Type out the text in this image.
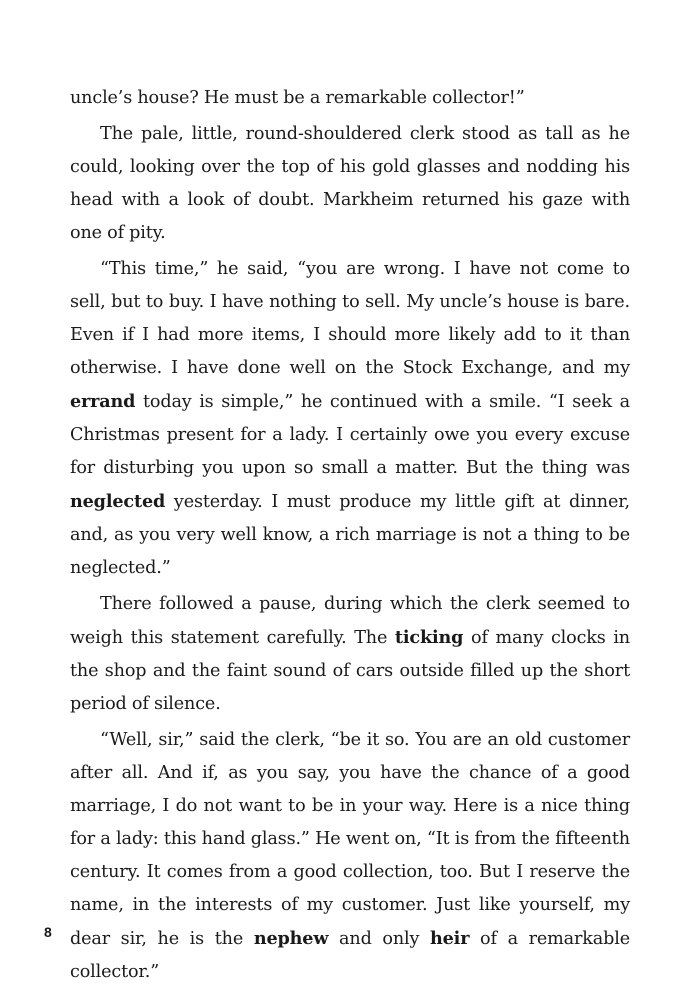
uncle’s house? He must be a remarkable collector!”

The pale, little, round-shouldered clerk stood as tall as he could, looking over the top of his gold glasses and nodding his head with a look of doubt. Markheim returned his gaze with one of pity.

“This time,” he said, “you are wrong. I have not come to sell, but to buy. I have nothing to sell. My uncle’s house is bare. Even if I had more items, I should more likely add to it than otherwise. I have done well on the Stock Exchange, and my errand today is simple,” he continued with a smile. “I seek a Christmas present for a lady. I certainly owe you every excuse for disturbing you upon so small a matter. But the thing was neglected yesterday. I must produce my little gift at dinner, and, as you very well know, a rich marriage is not a thing to be neglected.”

There followed a pause, during which the clerk seemed to weigh this statement carefully. The ticking of many clocks in the shop and the faint sound of cars outside filled up the short period of silence.

“Well, sir,” said the clerk, “be it so. You are an old customer after all. And if, as you say, you have the chance of a good marriage, I do not want to be in your way. Here is a nice thing for a lady: this hand glass.” He went on, “It is from the fifteenth century. It comes from a good collection, too. But I reserve the name, in the interests of my customer. Just like yourself, my dear sir, he is the nephew and only heir of a remarkable collector.”

8
